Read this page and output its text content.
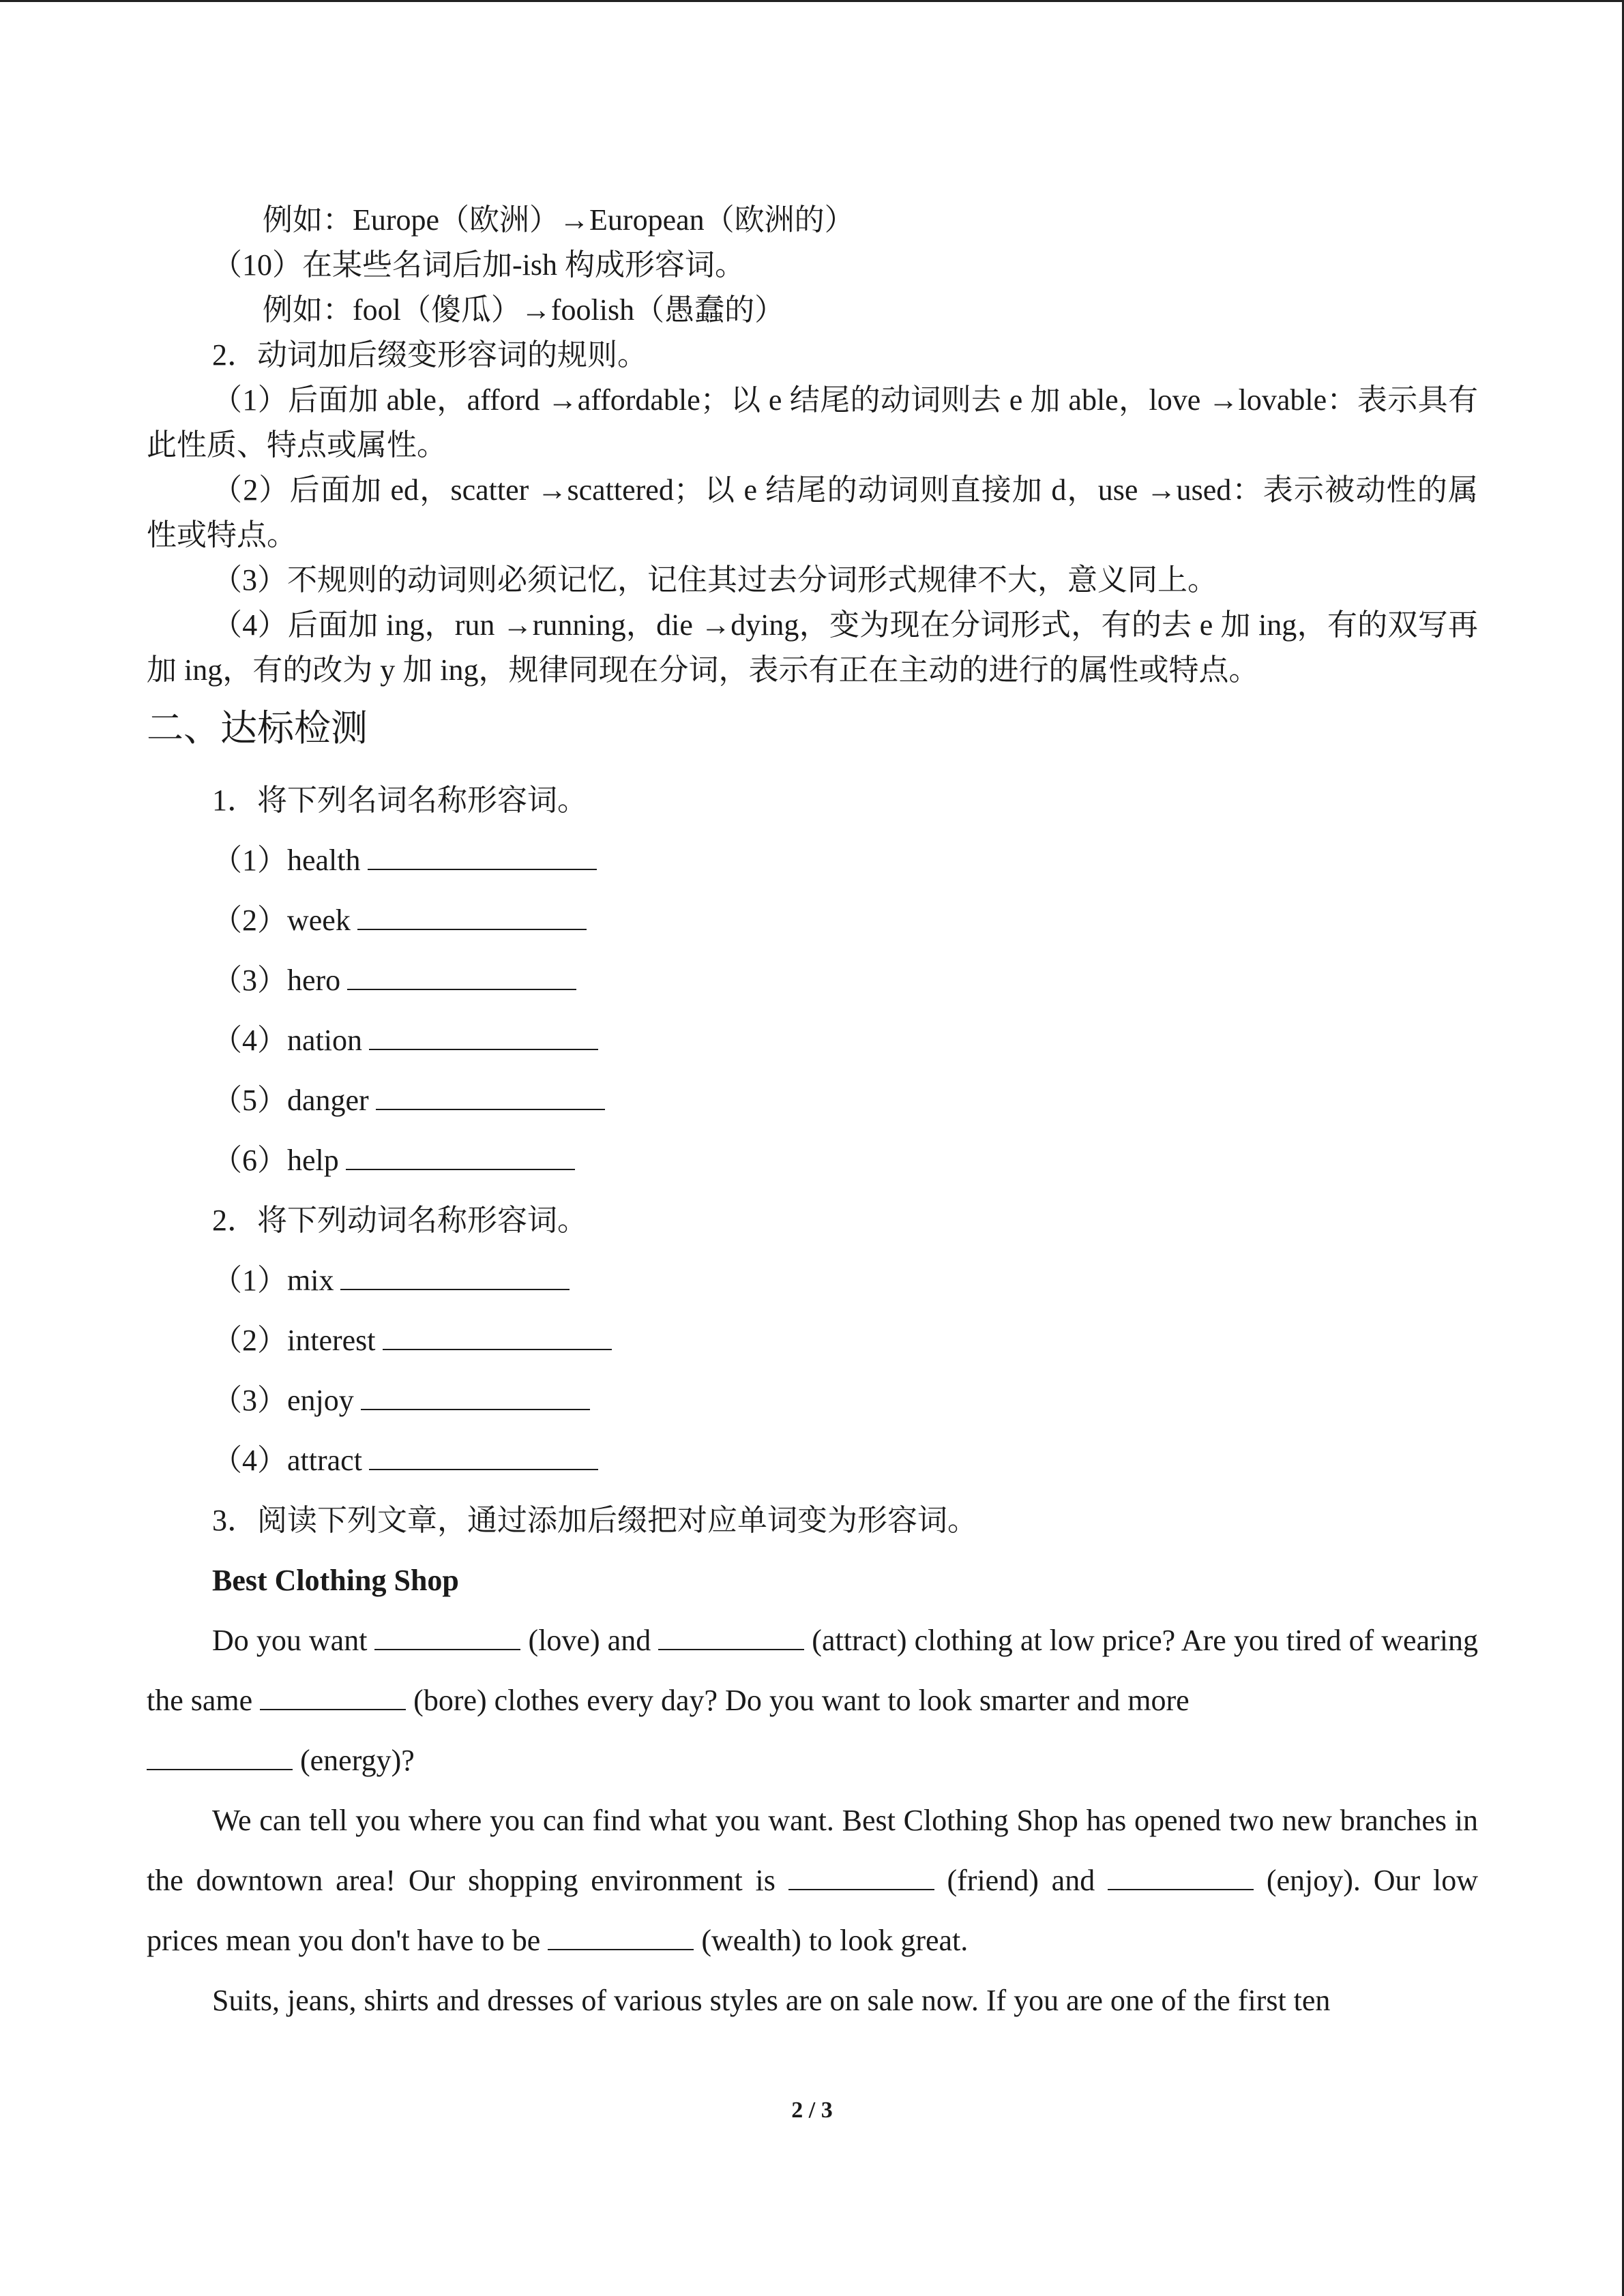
例如：Europe（欧洲）→European（欧洲的）
（10）在某些名词后加-ish 构成形容词。
例如：fool（傻瓜）→foolish（愚蠢的）
2．动词加后缀变形容词的规则。
（1）后面加 able，afford →affordable；以 e 结尾的动词则去 e 加 able，love →lovable：表示具有此性质、特点或属性。
（2）后面加 ed，scatter →scattered；以 e 结尾的动词则直接加 d，use →used：表示被动性的属性或特点。
（3）不规则的动词则必须记忆，记住其过去分词形式规律不大，意义同上。
（4）后面加 ing，run →running，die →dying，变为现在分词形式，有的去 e 加 ing，有的双写再加 ing，有的改为 y 加 ing，规律同现在分词，表示有正在主动的进行的属性或特点。
二、达标检测
1．将下列名词名称形容词。
（1）health
（2）week
（3）hero
（4）nation
（5）danger
（6）help
2．将下列动词名称形容词。
（1）mix
（2）interest
（3）enjoy
（4）attract
3．阅读下列文章，通过添加后缀把对应单词变为形容词。
Best Clothing Shop
Do you want	(love) and	(attract) clothing at low price? Are you tired of wearing the same	(bore) clothes every day? Do you want to look smarter and more
(energy)?
We can tell you where you can find what you want. Best Clothing Shop has opened two new branches in the downtown area! Our shopping environment is	(friend) and	(enjoy). Our low prices mean you don't have to be	(wealth) to look great.
Suits, jeans, shirts and dresses of various styles are on sale now. If you are one of the first ten
2 / 3
